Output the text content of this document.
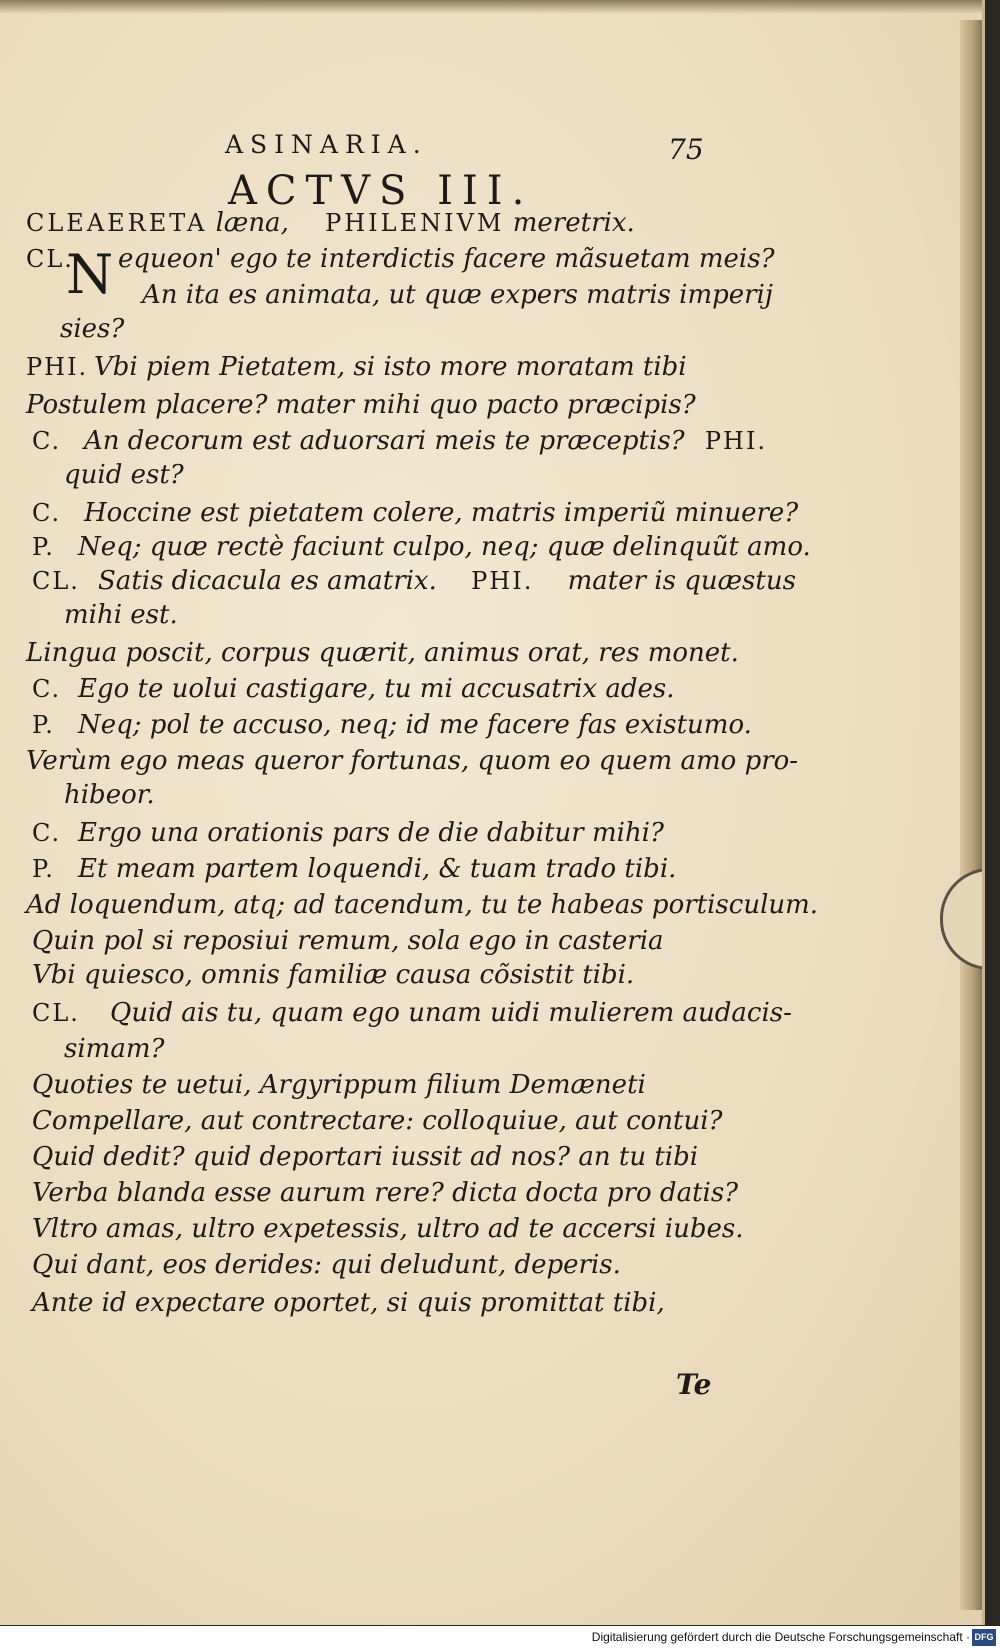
ASINARIA.	75
ACTVS III.
N
CLEAERETA læna, PHILENIVM meretrix.
CL. equeon' ego te interdictis facere mãsuetam meis?
An ita es animata, ut quæ expers matris imperij
sies?
PHI. Vbi piem Pietatem, si isto more moratam tibi
Postulem placere? mater mihi quo pacto præcipis?
C. An decorum est aduorsari meis te præceptis? PHI.
quid est?
C. Hoccine est pietatem colere, matris imperiũ minuere?
P. Neq; quæ rectè faciunt culpo, neq; quæ delinquũt amo.
CL. Satis dicacula es amatrix. PHI. mater is quæstus
mihi est.
Lingua poscit, corpus quærit, animus orat, res monet.
C. Ego te uolui castigare, tu mi accusatrix ades.
P. Neq; pol te accuso, neq; id me facere fas existumo.
Verùm ego meas queror fortunas, quom eo quem amo pro-
hibeor.
C. Ergo una orationis pars de die dabitur mihi?
P. Et meam partem loquendi, & tuam trado tibi.
Ad loquendum, atq; ad tacendum, tu te habeas portisculum.
Quin pol si reposiui remum, sola ego in casteria
Vbi quiesco, omnis familiæ causa cõsistit tibi.
CL. Quid ais tu, quam ego unam uidi mulierem audacis-
simam?
Quoties te uetui, Argyrippum filium Demæneti
Compellare, aut contrectare: colloquiue, aut contui?
Quid dedit? quid deportari iussit ad nos? an tu tibi
Verba blanda esse aurum rere? dicta docta pro datis?
Vltro amas, ultro expetessis, ultro ad te accersi iubes.
Qui dant, eos derides: qui deludunt, deperis.
Ante id expectare oportet, si quis promittat tibi,
Te
Digitalisierung gefördert durch die Deutsche Forschungsgemeinschaft · DFG
